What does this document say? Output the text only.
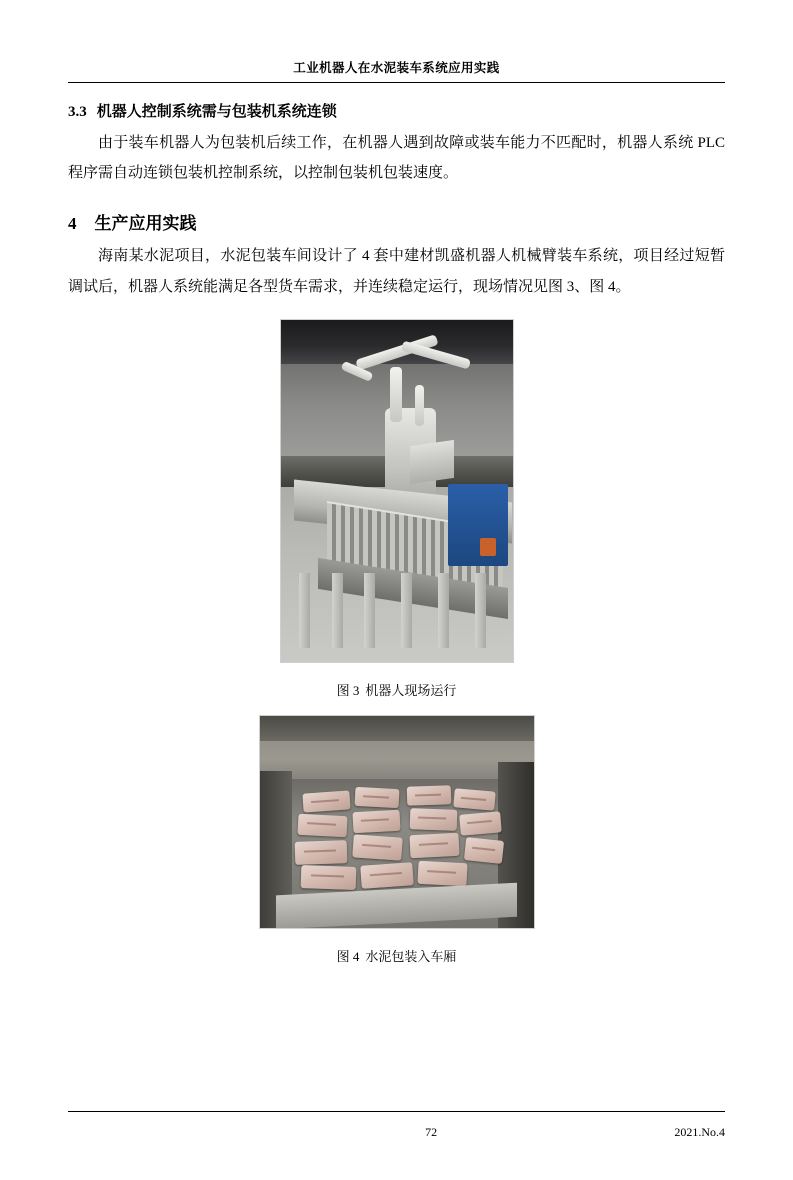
工业机器人在水泥装车系统应用实践
3.3 机器人控制系统需与包装机系统连锁

由于装车机器人为包装机后续工作，在机器人遇到故障或装车能力不匹配时，机器人系统 PLC 程序需自动连锁包装机控制系统，以控制包装机包装速度。

4 生产应用实践

海南某水泥项目，水泥包装车间设计了 4 套中建材凯盛机器人机械臂装车系统，项目经过短暂调试后，机器人系统能满足各型货车需求，并连续稳定运行，现场情况见图 3、图 4。

图 3 机器人现场运行
图 4 水泥包装入车厢
72	2021.No.4
